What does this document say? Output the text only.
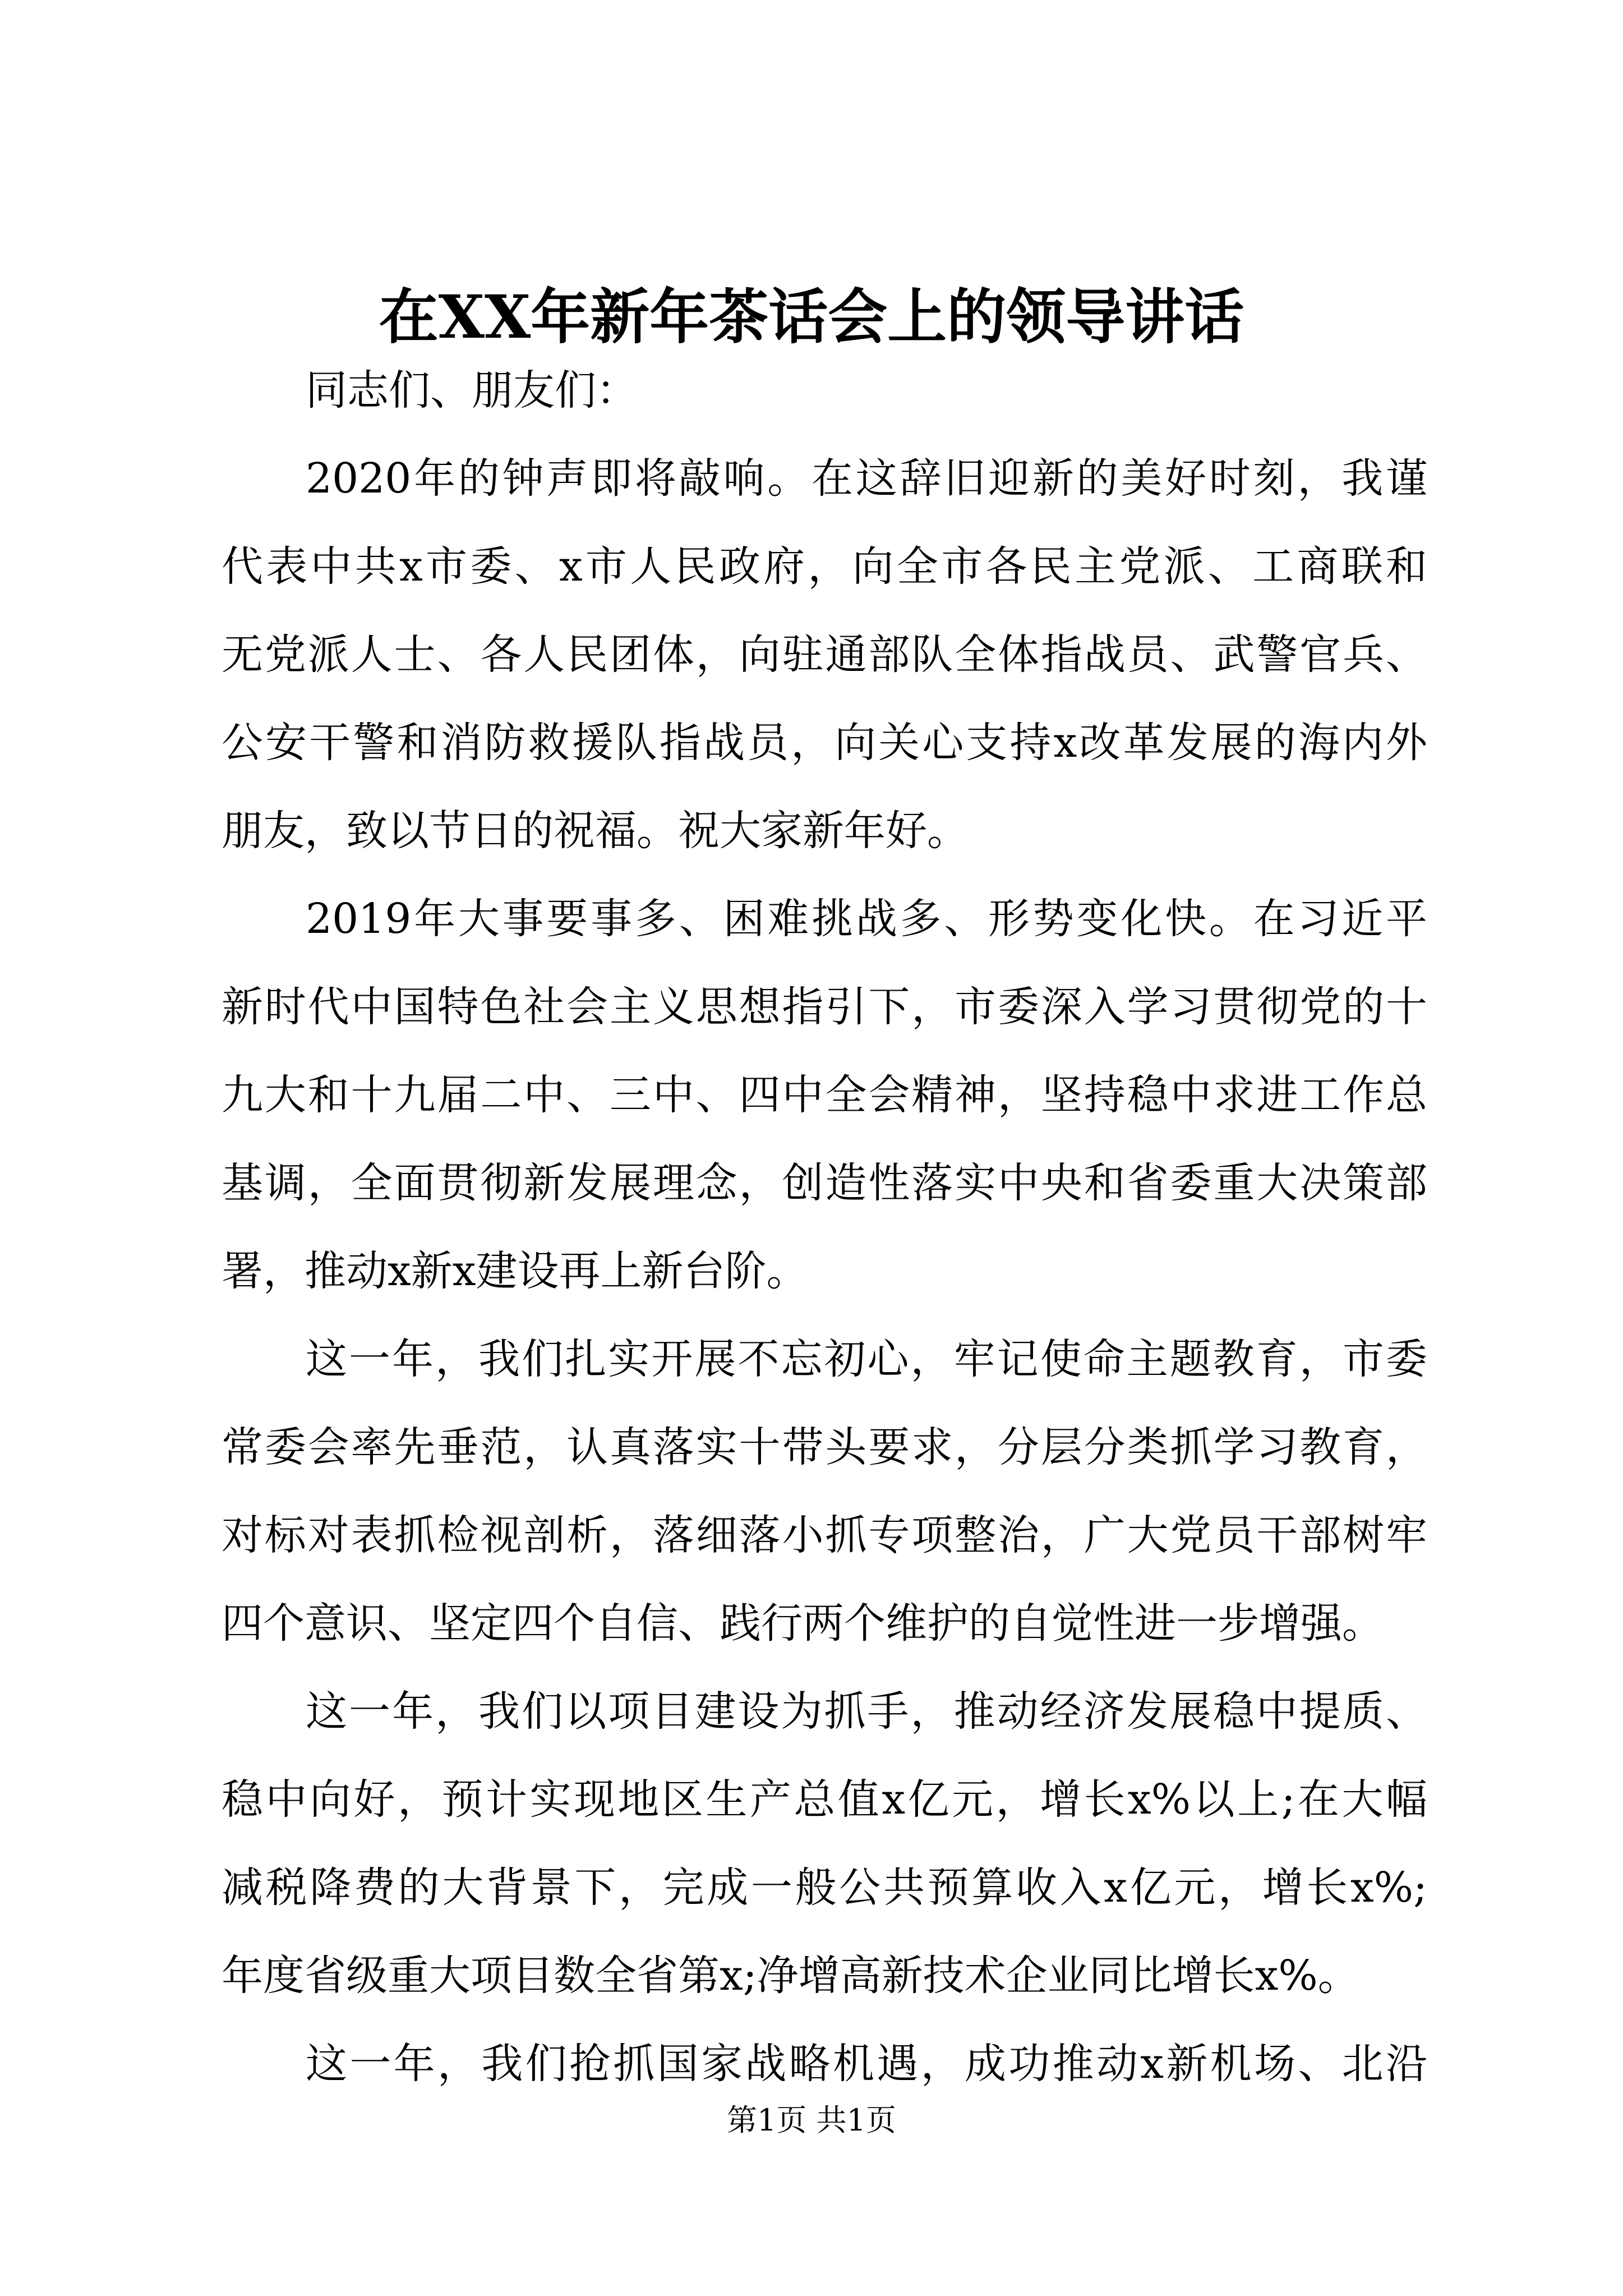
在XX年新年茶话会上的领导讲话
同志们、朋友们：
2020年的钟声即将敲响。在这辞旧迎新的美好时刻，我谨
代表中共x市委、x市人民政府，向全市各民主党派、工商联和
无党派人士、各人民团体，向驻通部队全体指战员、武警官兵、
公安干警和消防救援队指战员，向关心支持x改革发展的海内外
朋友，致以节日的祝福。祝大家新年好。
2019年大事要事多、困难挑战多、形势变化快。在习近平
新时代中国特色社会主义思想指引下，市委深入学习贯彻党的十
九大和十九届二中、三中、四中全会精神，坚持稳中求进工作总
基调，全面贯彻新发展理念，创造性落实中央和省委重大决策部
署，推动x新x建设再上新台阶。
这一年，我们扎实开展不忘初心，牢记使命主题教育，市委
常委会率先垂范，认真落实十带头要求，分层分类抓学习教育，
对标对表抓检视剖析，落细落小抓专项整治，广大党员干部树牢
四个意识、坚定四个自信、践行两个维护的自觉性进一步增强。
这一年，我们以项目建设为抓手，推动经济发展稳中提质、
稳中向好，预计实现地区生产总值x亿元，增长x%以上;在大幅
减税降费的大背景下，完成一般公共预算收入x亿元，增长x%;
年度省级重大项目数全省第x;净增高新技术企业同比增长x%。
这一年，我们抢抓国家战略机遇，成功推动x新机场、北沿
第1页 共1页
